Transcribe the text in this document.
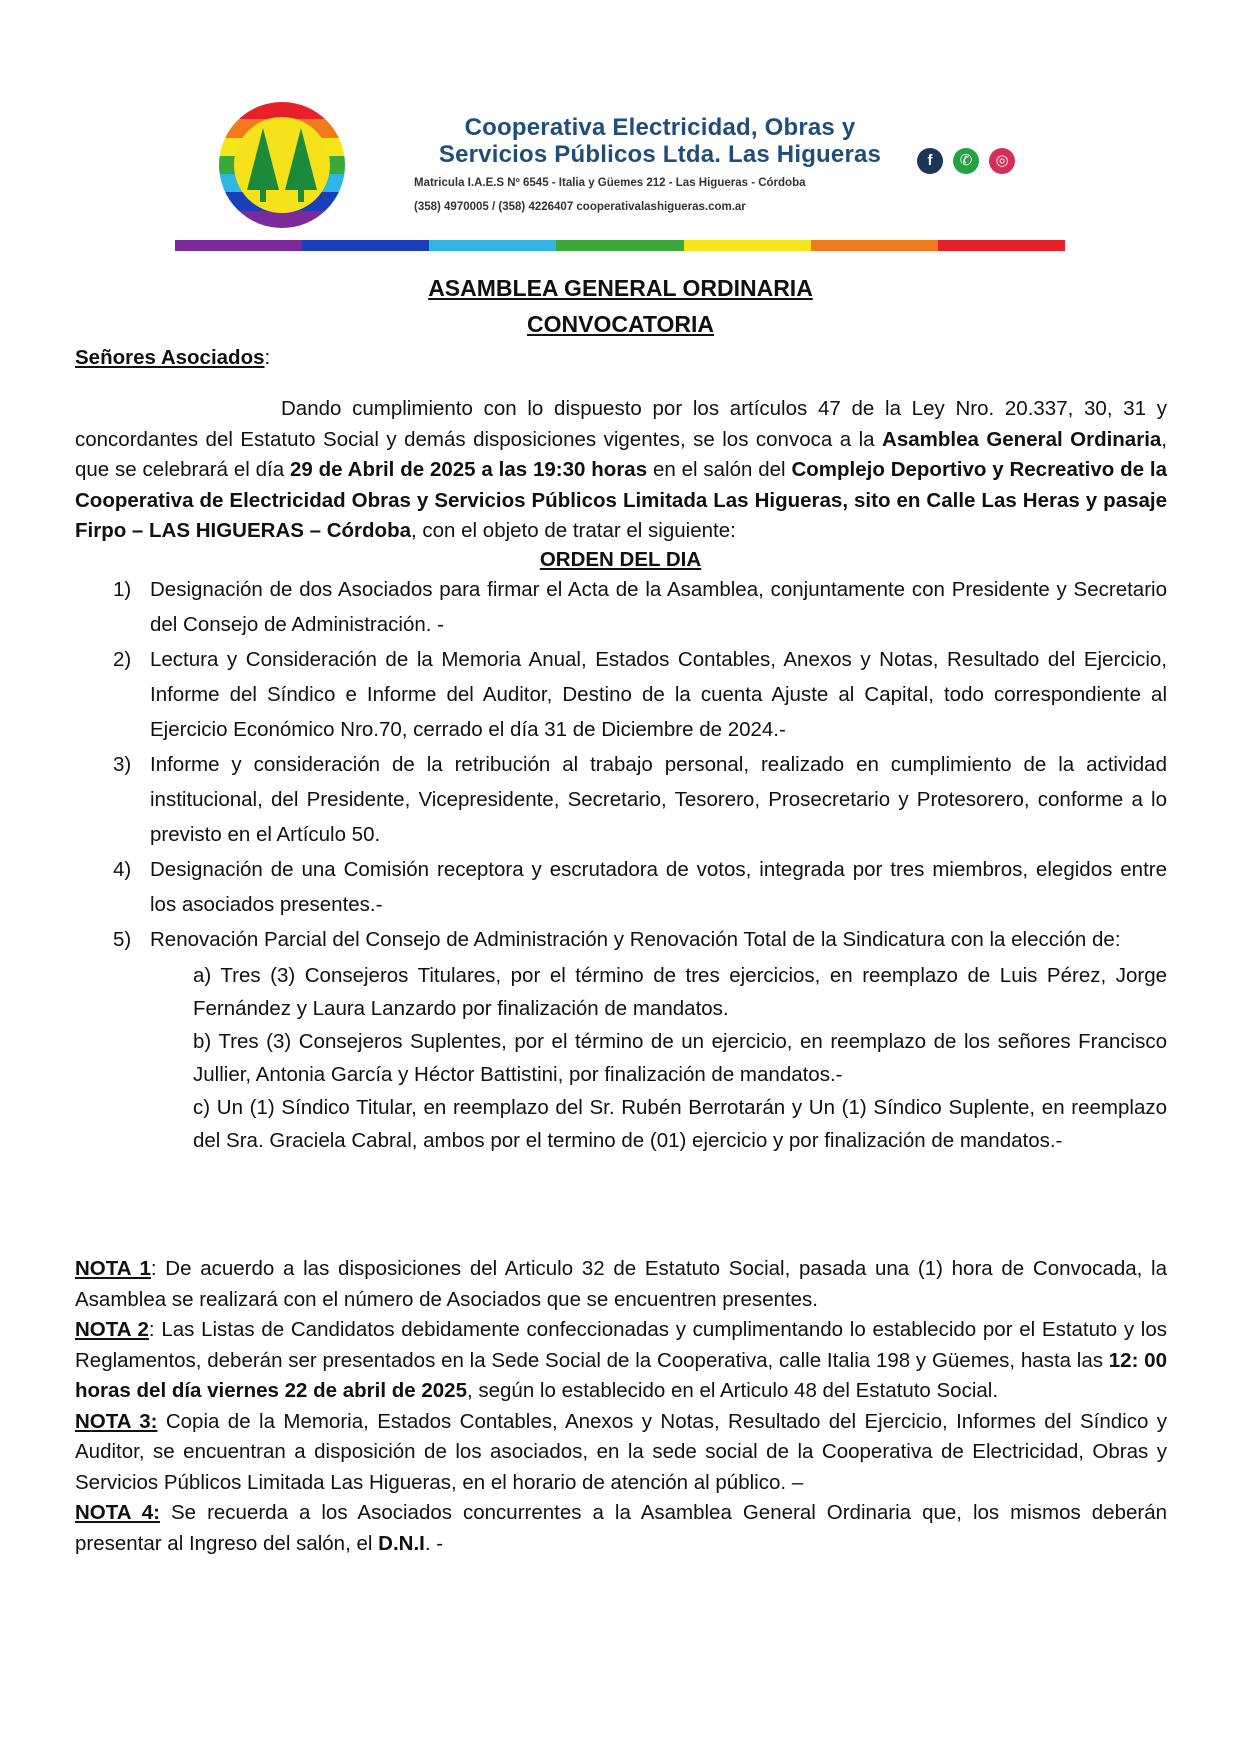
Cooperativa Electricidad, Obras y
Servicios Públicos Ltda. Las Higueras
Matricula I.A.E.S Nº 6545 - Italia y Güemes 212 - Las Higueras - Córdoba
(358) 4970005 / (358) 4226407 cooperativalashigueras.com.ar
f	✆	◎
ASAMBLEA GENERAL ORDINARIA
CONVOCATORIA
Señores Asociados:
Dando cumplimiento con lo dispuesto por los artículos 47 de la Ley Nro. 20.337, 30, 31 y concordantes del Estatuto Social y demás disposiciones vigentes, se los convoca a la Asamblea General Ordinaria, que se celebrará el día 29 de Abril de 2025 a las 19:30 horas en el salón del Complejo Deportivo y Recreativo de la Cooperativa de Electricidad Obras y Servicios Públicos Limitada Las Higueras, sito en Calle Las Heras y pasaje Firpo – LAS HIGUERAS – Córdoba, con el objeto de tratar el siguiente:
ORDEN DEL DIA
1) Designación de dos Asociados para firmar el Acta de la Asamblea, conjuntamente con Presidente y Secretario del Consejo de Administración. -
2) Lectura y Consideración de la Memoria Anual, Estados Contables, Anexos y Notas, Resultado del Ejercicio, Informe del Síndico e Informe del Auditor, Destino de la cuenta Ajuste al Capital, todo correspondiente al Ejercicio Económico Nro.70, cerrado el día 31 de Diciembre de 2024.-
3) Informe y consideración de la retribución al trabajo personal, realizado en cumplimiento de la actividad institucional, del Presidente, Vicepresidente, Secretario, Tesorero, Prosecretario y Protesorero, conforme a lo previsto en el Artículo 50.
4) Designación de una Comisión receptora y escrutadora de votos, integrada por tres miembros, elegidos entre los asociados presentes.-
5) Renovación Parcial del Consejo de Administración y Renovación Total de la Sindicatura con la elección de:
a) Tres (3) Consejeros Titulares, por el término de tres ejercicios, en reemplazo de Luis Pérez, Jorge Fernández y Laura Lanzardo por finalización de mandatos.
b) Tres (3) Consejeros Suplentes, por el término de un ejercicio, en reemplazo de los señores Francisco Jullier, Antonia García y Héctor Battistini, por finalización de mandatos.-
c) Un (1) Síndico Titular, en reemplazo del Sr. Rubén Berrotarán y Un (1) Síndico Suplente, en reemplazo del Sra. Graciela Cabral, ambos por el termino de (01) ejercicio y por finalización de mandatos.-

NOTA 1: De acuerdo a las disposiciones del Articulo 32 de Estatuto Social, pasada una (1) hora de Convocada, la Asamblea se realizará con el número de Asociados que se encuentren presentes.

NOTA 2: Las Listas de Candidatos debidamente confeccionadas y cumplimentando lo establecido por el Estatuto y los Reglamentos, deberán ser presentados en la Sede Social de la Cooperativa, calle Italia 198 y Güemes, hasta las 12: 00 horas del día viernes 22 de abril de 2025, según lo establecido en el Articulo 48 del Estatuto Social.

NOTA 3: Copia de la Memoria, Estados Contables, Anexos y Notas, Resultado del Ejercicio, Informes del Síndico y Auditor, se encuentran a disposición de los asociados, en la sede social de la Cooperativa de Electricidad, Obras y Servicios Públicos Limitada Las Higueras, en el horario de atención al público. –

NOTA 4: Se recuerda a los Asociados concurrentes a la Asamblea General Ordinaria que, los mismos deberán presentar al Ingreso del salón, el D.N.I. -
